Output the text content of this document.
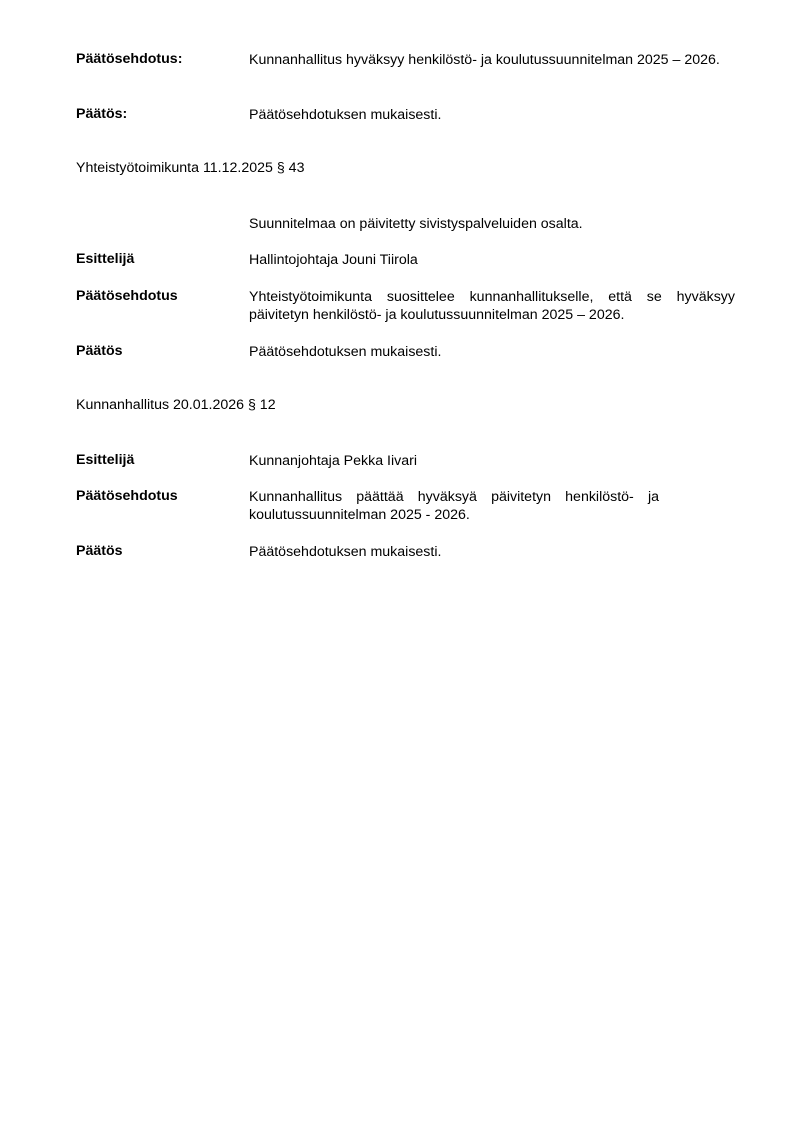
Päätösehdotus:	Kunnanhallitus hyväksyy henkilöstö- ja koulutussuunnitelman 2025 – 2026.
Päätös:	Päätösehdotuksen mukaisesti.
Yhteistyötoimikunta 11.12.2025 § 43
Suunnitelmaa on päivitetty sivistyspalveluiden osalta.
Esittelijä	Hallintojohtaja Jouni Tiirola
Päätösehdotus	Yhteistyötoimikunta suosittelee kunnanhallitukselle, että se hyväksyy päivitetyn henkilöstö- ja koulutussuunnitelman 2025 – 2026.
Päätös	Päätösehdotuksen mukaisesti.
Kunnanhallitus 20.01.2026 § 12
Esittelijä	Kunnanjohtaja Pekka Iivari
Päätösehdotus	Kunnanhallitus päättää hyväksyä päivitetyn henkilöstö- ja koulutussuunnitelman 2025 - 2026.
Päätös	Päätösehdotuksen mukaisesti.
